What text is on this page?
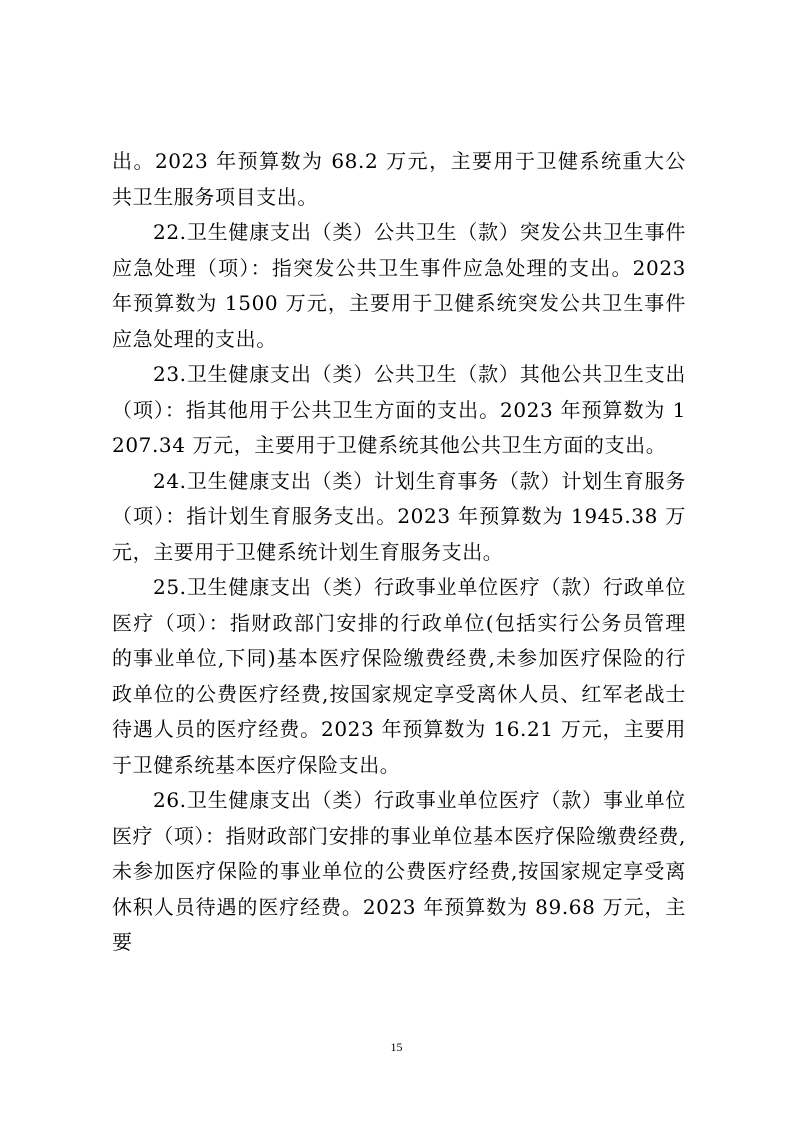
出。2023 年预算数为 68.2 万元，主要用于卫健系统重大公共卫生服务项目支出。

22.卫生健康支出（类）公共卫生（款）突发公共卫生事件应急处理（项）：指突发公共卫生事件应急处理的支出。2023 年预算数为 1500 万元，主要用于卫健系统突发公共卫生事件应急处理的支出。

23.卫生健康支出（类）公共卫生（款）其他公共卫生支出（项）：指其他用于公共卫生方面的支出。2023 年预算数为 1207.34 万元，主要用于卫健系统其他公共卫生方面的支出。

24.卫生健康支出（类）计划生育事务（款）计划生育服务（项）：指计划生育服务支出。2023 年预算数为 1945.38 万元，主要用于卫健系统计划生育服务支出。

25.卫生健康支出（类）行政事业单位医疗（款）行政单位医疗（项）：指财政部门安排的行政单位(包括实行公务员管理的事业单位,下同)基本医疗保险缴费经费,未参加医疗保险的行政单位的公费医疗经费,按国家规定享受离休人员、红军老战士待遇人员的医疗经费。2023 年预算数为 16.21 万元，主要用于卫健系统基本医疗保险支出。

26.卫生健康支出（类）行政事业单位医疗（款）事业单位医疗（项）：指财政部门安排的事业单位基本医疗保险缴费经费,未参加医疗保险的事业单位的公费医疗经费,按国家规定享受离休积人员待遇的医疗经费。2023 年预算数为 89.68 万元，主要

15
